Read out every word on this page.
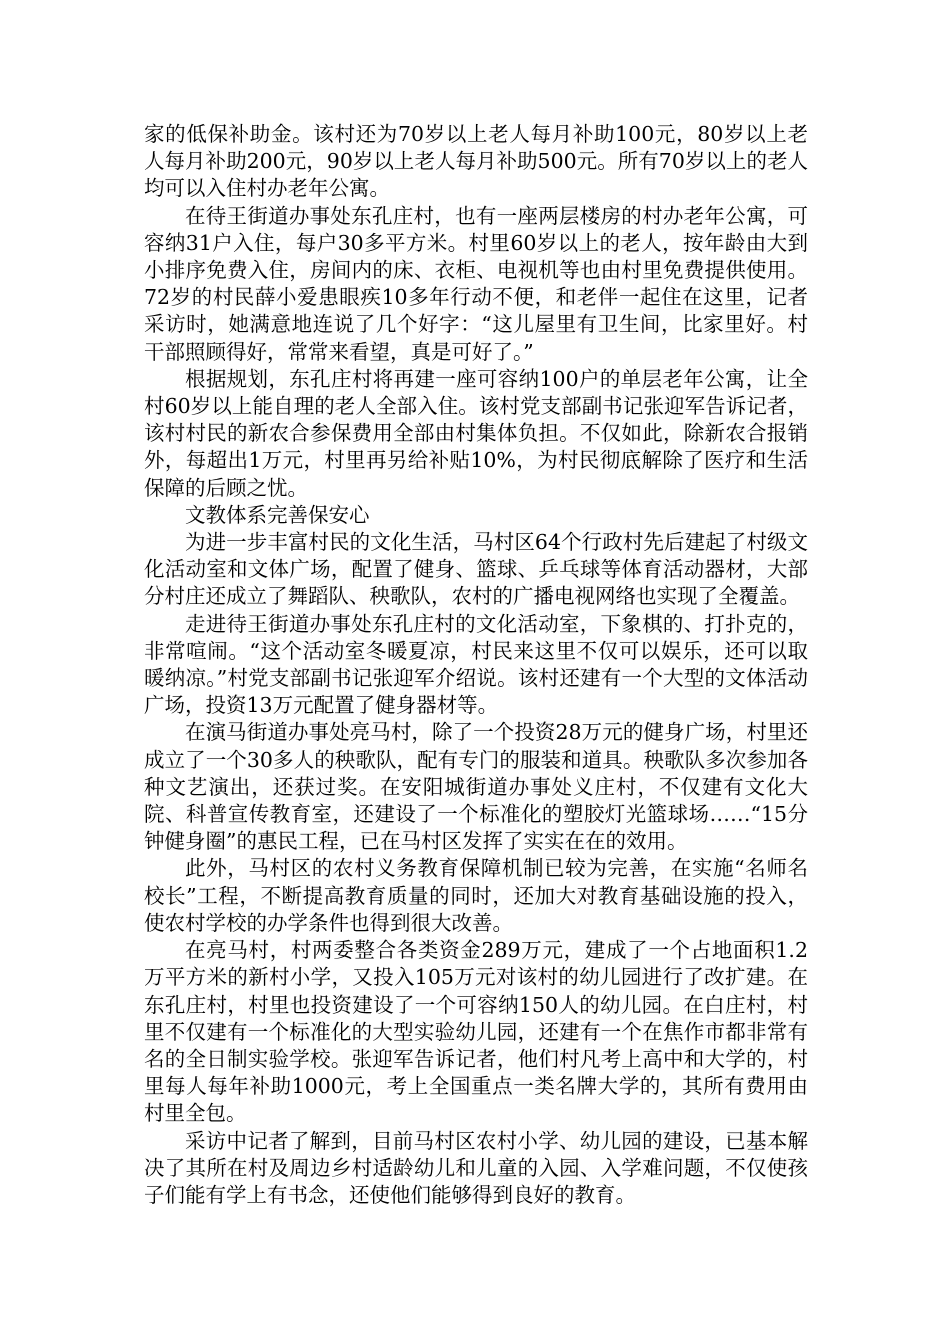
家的低保补助金。该村还为70岁以上老人每月补助100元，80岁以上老人每月补助200元，90岁以上老人每月补助500元。所有70岁以上的老人均可以入住村办老年公寓。

在待王街道办事处东孔庄村，也有一座两层楼房的村办老年公寓，可容纳31户入住，每户30多平方米。村里60岁以上的老人，按年龄由大到小排序免费入住，房间内的床、衣柜、电视机等也由村里免费提供使用。72岁的村民薛小爱患眼疾10多年行动不便，和老伴一起住在这里，记者采访时，她满意地连说了几个好字：“这儿屋里有卫生间，比家里好。村干部照顾得好，常常来看望，真是可好了。”

根据规划，东孔庄村将再建一座可容纳100户的单层老年公寓，让全村60岁以上能自理的老人全部入住。该村党支部副书记张迎军告诉记者，该村村民的新农合参保费用全部由村集体负担。不仅如此，除新农合报销外，每超出1万元，村里再另给补贴10%，为村民彻底解除了医疗和生活保障的后顾之忧。

文教体系完善保安心

为进一步丰富村民的文化生活，马村区64个行政村先后建起了村级文化活动室和文体广场，配置了健身、篮球、乒乓球等体育活动器材，大部分村庄还成立了舞蹈队、秧歌队，农村的广播电视网络也实现了全覆盖。

走进待王街道办事处东孔庄村的文化活动室，下象棋的、打扑克的，非常喧闹。“这个活动室冬暖夏凉，村民来这里不仅可以娱乐，还可以取暖纳凉。”村党支部副书记张迎军介绍说。该村还建有一个大型的文体活动广场，投资13万元配置了健身器材等。

在演马街道办事处亮马村，除了一个投资28万元的健身广场，村里还成立了一个30多人的秧歌队，配有专门的服装和道具。秧歌队多次参加各种文艺演出，还获过奖。在安阳城街道办事处义庄村，不仅建有文化大院、科普宣传教育室，还建设了一个标准化的塑胶灯光篮球场……“15分钟健身圈”的惠民工程，已在马村区发挥了实实在在的效用。

此外，马村区的农村义务教育保障机制已较为完善，在实施“名师名校长”工程，不断提高教育质量的同时，还加大对教育基础设施的投入，使农村学校的办学条件也得到很大改善。

在亮马村，村两委整合各类资金289万元，建成了一个占地面积1.2万平方米的新村小学，又投入105万元对该村的幼儿园进行了改扩建。在东孔庄村，村里也投资建设了一个可容纳150人的幼儿园。在白庄村，村里不仅建有一个标准化的大型实验幼儿园，还建有一个在焦作市都非常有名的全日制实验学校。张迎军告诉记者，他们村凡考上高中和大学的，村里每人每年补助1000元，考上全国重点一类名牌大学的，其所有费用由村里全包。

采访中记者了解到，目前马村区农村小学、幼儿园的建设，已基本解决了其所在村及周边乡村适龄幼儿和儿童的入园、入学难问题，不仅使孩子们能有学上有书念，还使他们能够得到良好的教育。
